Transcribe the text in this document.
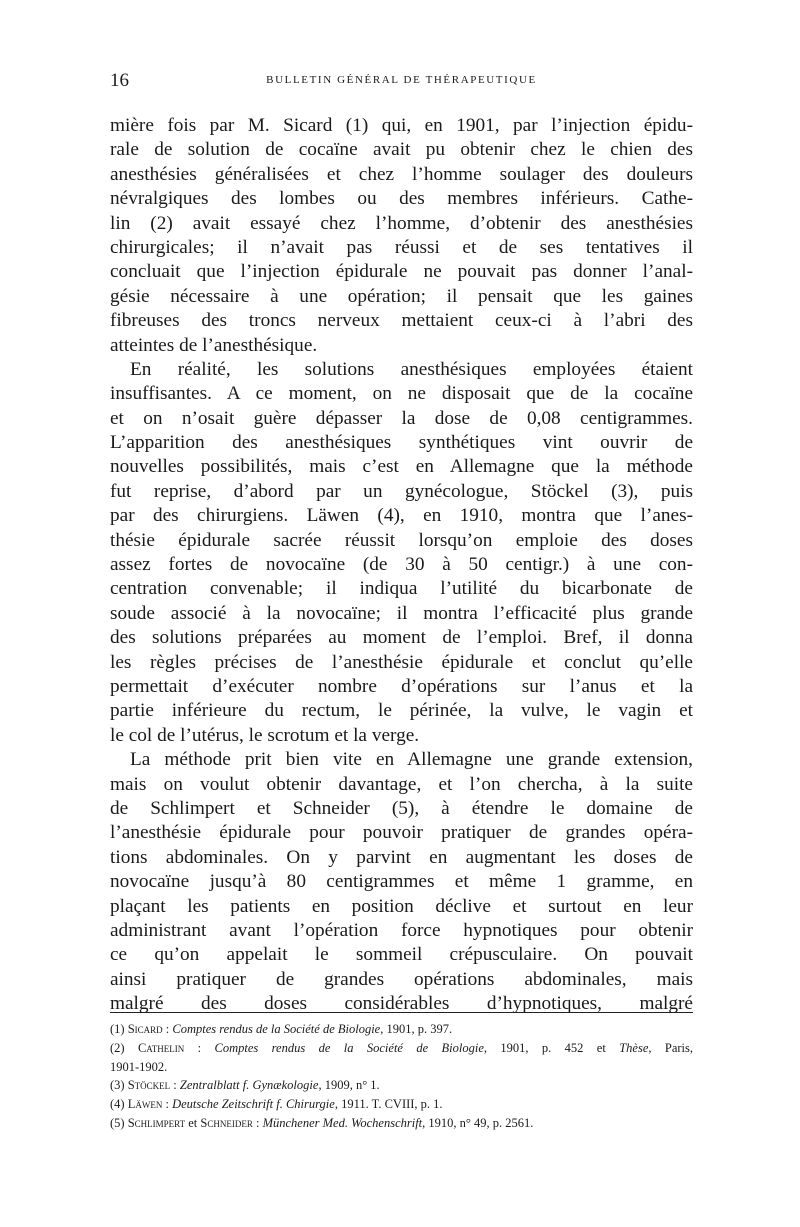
16	BULLETIN GÉNÉRAL DE THÉRAPEUTIQUE
mière fois par M. Sicard (1) qui, en 1901, par l’injection épidu-
rale de solution de cocaïne avait pu obtenir chez le chien des
anesthésies généralisées et chez l’homme soulager des douleurs
névralgiques des lombes ou des membres inférieurs. Cathe-
lin (2) avait essayé chez l’homme, d’obtenir des anesthésies
chirurgicales; il n’avait pas réussi et de ses tentatives il
concluait que l’injection épidurale ne pouvait pas donner l’anal-
gésie nécessaire à une opération; il pensait que les gaines
fibreuses des troncs nerveux mettaient ceux-ci à l’abri des
atteintes de l’anesthésique.
En réalité, les solutions anesthésiques employées étaient
insuffisantes. A ce moment, on ne disposait que de la cocaïne
et on n’osait guère dépasser la dose de 0,08 centigrammes.
L’apparition des anesthésiques synthétiques vint ouvrir de
nouvelles possibilités, mais c’est en Allemagne que la méthode
fut reprise, d’abord par un gynécologue, Stöckel (3), puis
par des chirurgiens. Läwen (4), en 1910, montra que l’anes-
thésie épidurale sacrée réussit lorsqu’on emploie des doses
assez fortes de novocaïne (de 30 à 50 centigr.) à une con-
centration convenable; il indiqua l’utilité du bicarbonate de
soude associé à la novocaïne; il montra l’efficacité plus grande
des solutions préparées au moment de l’emploi. Bref, il donna
les règles précises de l’anesthésie épidurale et conclut qu’elle
permettait d’exécuter nombre d’opérations sur l’anus et la
partie inférieure du rectum, le périnée, la vulve, le vagin et
le col de l’utérus, le scrotum et la verge.
La méthode prit bien vite en Allemagne une grande extension,
mais on voulut obtenir davantage, et l’on chercha, à la suite
de Schlimpert et Schneider (5), à étendre le domaine de
l’anesthésie épidurale pour pouvoir pratiquer de grandes opéra-
tions abdominales. On y parvint en augmentant les doses de
novocaïne jusqu’à 80 centigrammes et même 1 gramme, en
plaçant les patients en position déclive et surtout en leur
administrant avant l’opération force hypnotiques pour obtenir
ce qu’on appelait le sommeil crépusculaire. On pouvait
ainsi pratiquer de grandes opérations abdominales, mais
malgré des doses considérables d’hypnotiques, malgré
(1) Sicard : Comptes rendus de la Société de Biologie, 1901, p. 397.
(2) Cathelin : Comptes rendus de la Société de Biologie, 1901, p. 452 et Thèse, Paris,
1901-1902.
(3) Stöckel : Zentralblatt f. Gynækologie, 1909, n° 1.
(4) Läwen : Deutsche Zeitschrift f. Chirurgie, 1911. T. CVIII, p. 1.
(5) Schlimpert et Schneider : Münchener Med. Wochenschrift, 1910, n° 49, p. 2561.
